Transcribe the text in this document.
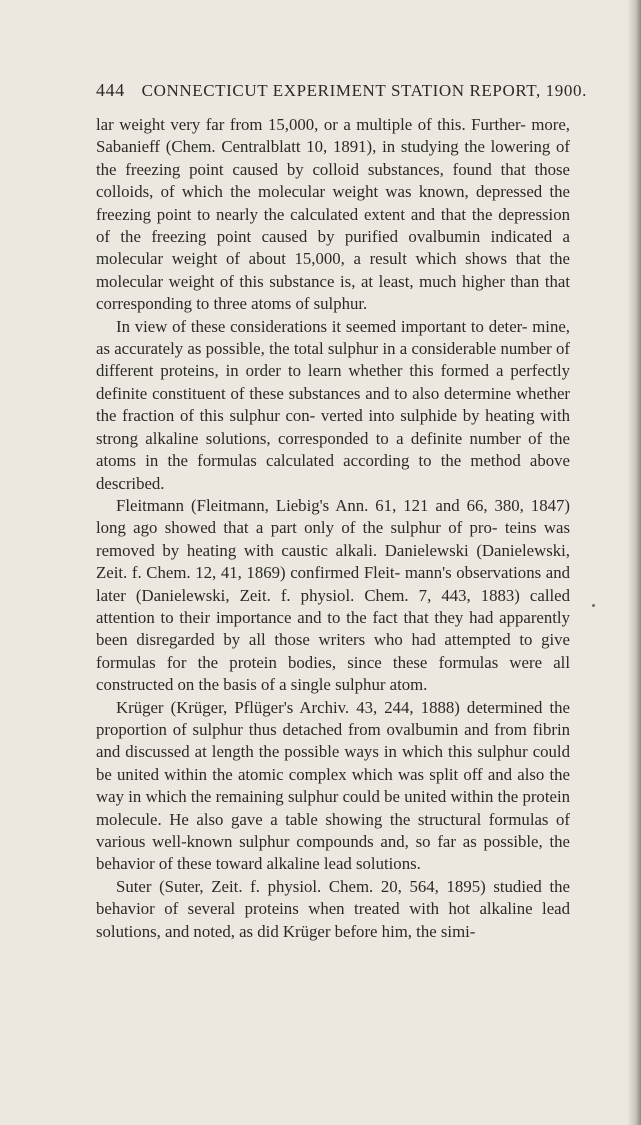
444 CONNECTICUT EXPERIMENT STATION REPORT, 1900.

lar weight very far from 15,000, or a multiple of this. Further- more, Sabanieff (Chem. Centralblatt 10, 1891), in studying the lowering of the freezing point caused by colloid substances, found that those colloids, of which the molecular weight was known, depressed the freezing point to nearly the calculated extent and that the depression of the freezing point caused by purified ovalbumin indicated a molecular weight of about 15,000, a result which shows that the molecular weight of this substance is, at least, much higher than that corresponding to three atoms of sulphur.

In view of these considerations it seemed important to deter- mine, as accurately as possible, the total sulphur in a considerable number of different proteins, in order to learn whether this formed a perfectly definite constituent of these substances and to also determine whether the fraction of this sulphur con- verted into sulphide by heating with strong alkaline solutions, corresponded to a definite number of the atoms in the formulas calculated according to the method above described.

Fleitmann (Fleitmann, Liebig's Ann. 61, 121 and 66, 380, 1847) long ago showed that a part only of the sulphur of pro- teins was removed by heating with caustic alkali. Danielewski (Danielewski, Zeit. f. Chem. 12, 41, 1869) confirmed Fleit- mann's observations and later (Danielewski, Zeit. f. physiol. Chem. 7, 443, 1883) called attention to their importance and to the fact that they had apparently been disregarded by all those writers who had attempted to give formulas for the protein bodies, since these formulas were all constructed on the basis of a single sulphur atom.

Krüger (Krüger, Pflüger's Archiv. 43, 244, 1888) determined the proportion of sulphur thus detached from ovalbumin and from fibrin and discussed at length the possible ways in which this sulphur could be united within the atomic complex which was split off and also the way in which the remaining sulphur could be united within the protein molecule. He also gave a table showing the structural formulas of various well-known sulphur compounds and, so far as possible, the behavior of these toward alkaline lead solutions.

Suter (Suter, Zeit. f. physiol. Chem. 20, 564, 1895) studied the behavior of several proteins when treated with hot alkaline lead solutions, and noted, as did Krüger before him, the simi-
